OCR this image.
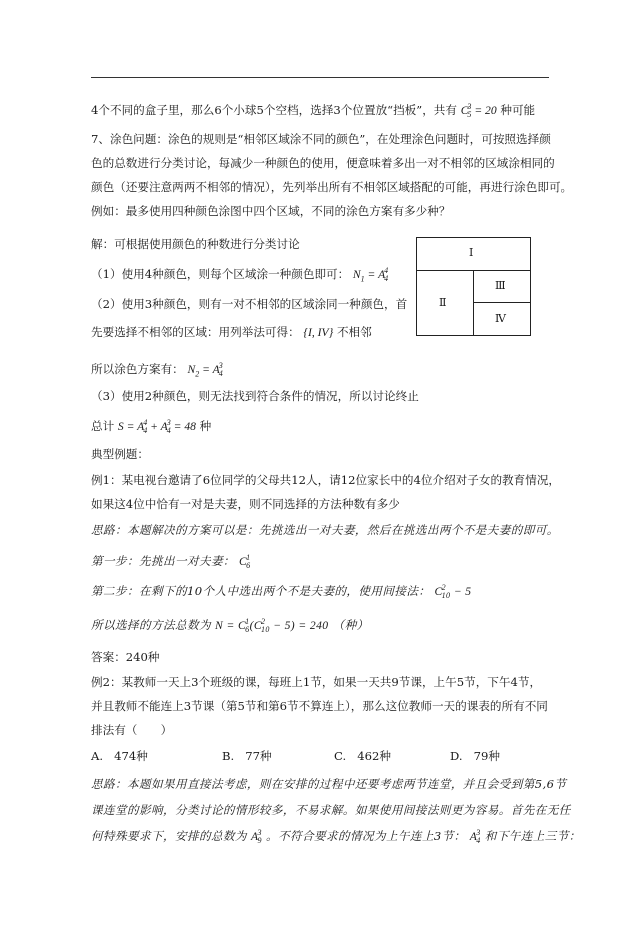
4个不同的盒子里，那么6个小球5个空档，选择3个位置放“挡板”，共有 C 3
5 = 20 种可能
7、涂色问题：涂色的规则是“相邻区域涂不同的颜色”，在处理涂色问题时，可按照选择颜
色的总数进行分类讨论，每减少一种颜色的使用，便意味着多出一对不相邻的区域涂相同的
颜色（还要注意两两不相邻的情况），先列举出所有不相邻区域搭配的可能，再进行涂色即可。
例如：最多使用四种颜色涂图中四个区域，不同的涂色方案有多少种？
解：可根据使用颜色的种数进行分类讨论
（1）使用4种颜色，则每个区域涂一种颜色即可： $N_1 = A$ 4
4
（2）使用3种颜色，则有一对不相邻的区域涂同一种颜色，首
先要选择不相邻的区域：用列举法可得： {I, IV} 不相邻
所以涂色方案有： $N_2 = A$ 3
4
（3）使用2种颜色，则无法找到符合条件的情况，所以讨论终止
总计 S = A 4
4 + A 3
4 = 48 种
典型例题：
例1：某电视台邀请了6位同学的父母共12人，请12位家长中的4位介绍对子女的教育情况，
如果这4位中恰有一对是夫妻，则不同选择的方法种数有多少
思路：本题解决的方案可以是：先挑选出一对夫妻，然后在挑选出两个不是夫妻的即可。
第一步：先挑出一对夫妻： C 1
6
第二步：在剩下的10个人中选出两个不是夫妻的，使用间接法： C 2
10 − 5
所以选择的方法总数为 N = C 1
6 (C 2
10 − 5) = 240 （种）
答案：240种
例2：某教师一天上3个班级的课，每班上1节，如果一天共9节课，上午5节，下午4节，
并且教师不能连上3节课（第5节和第6节不算连上），那么这位教师一天的课表的所有不同
排法有（　　）
A. 474种	B. 77种	C. 462种	D. 79种
思路：本题如果用直接法考虑，则在安排的过程中还要考虑两节连堂，并且会受到第5,6节
课连堂的影响，分类讨论的情形较多，不易求解。如果使用间接法则更为容易。首先在无任
何特殊要求下，安排的总数为 A 3
9 。不符合要求的情况为上午连上3节： A 3
4 和下午连上三节：
Ⅰ
Ⅱ
Ⅲ
Ⅳ
